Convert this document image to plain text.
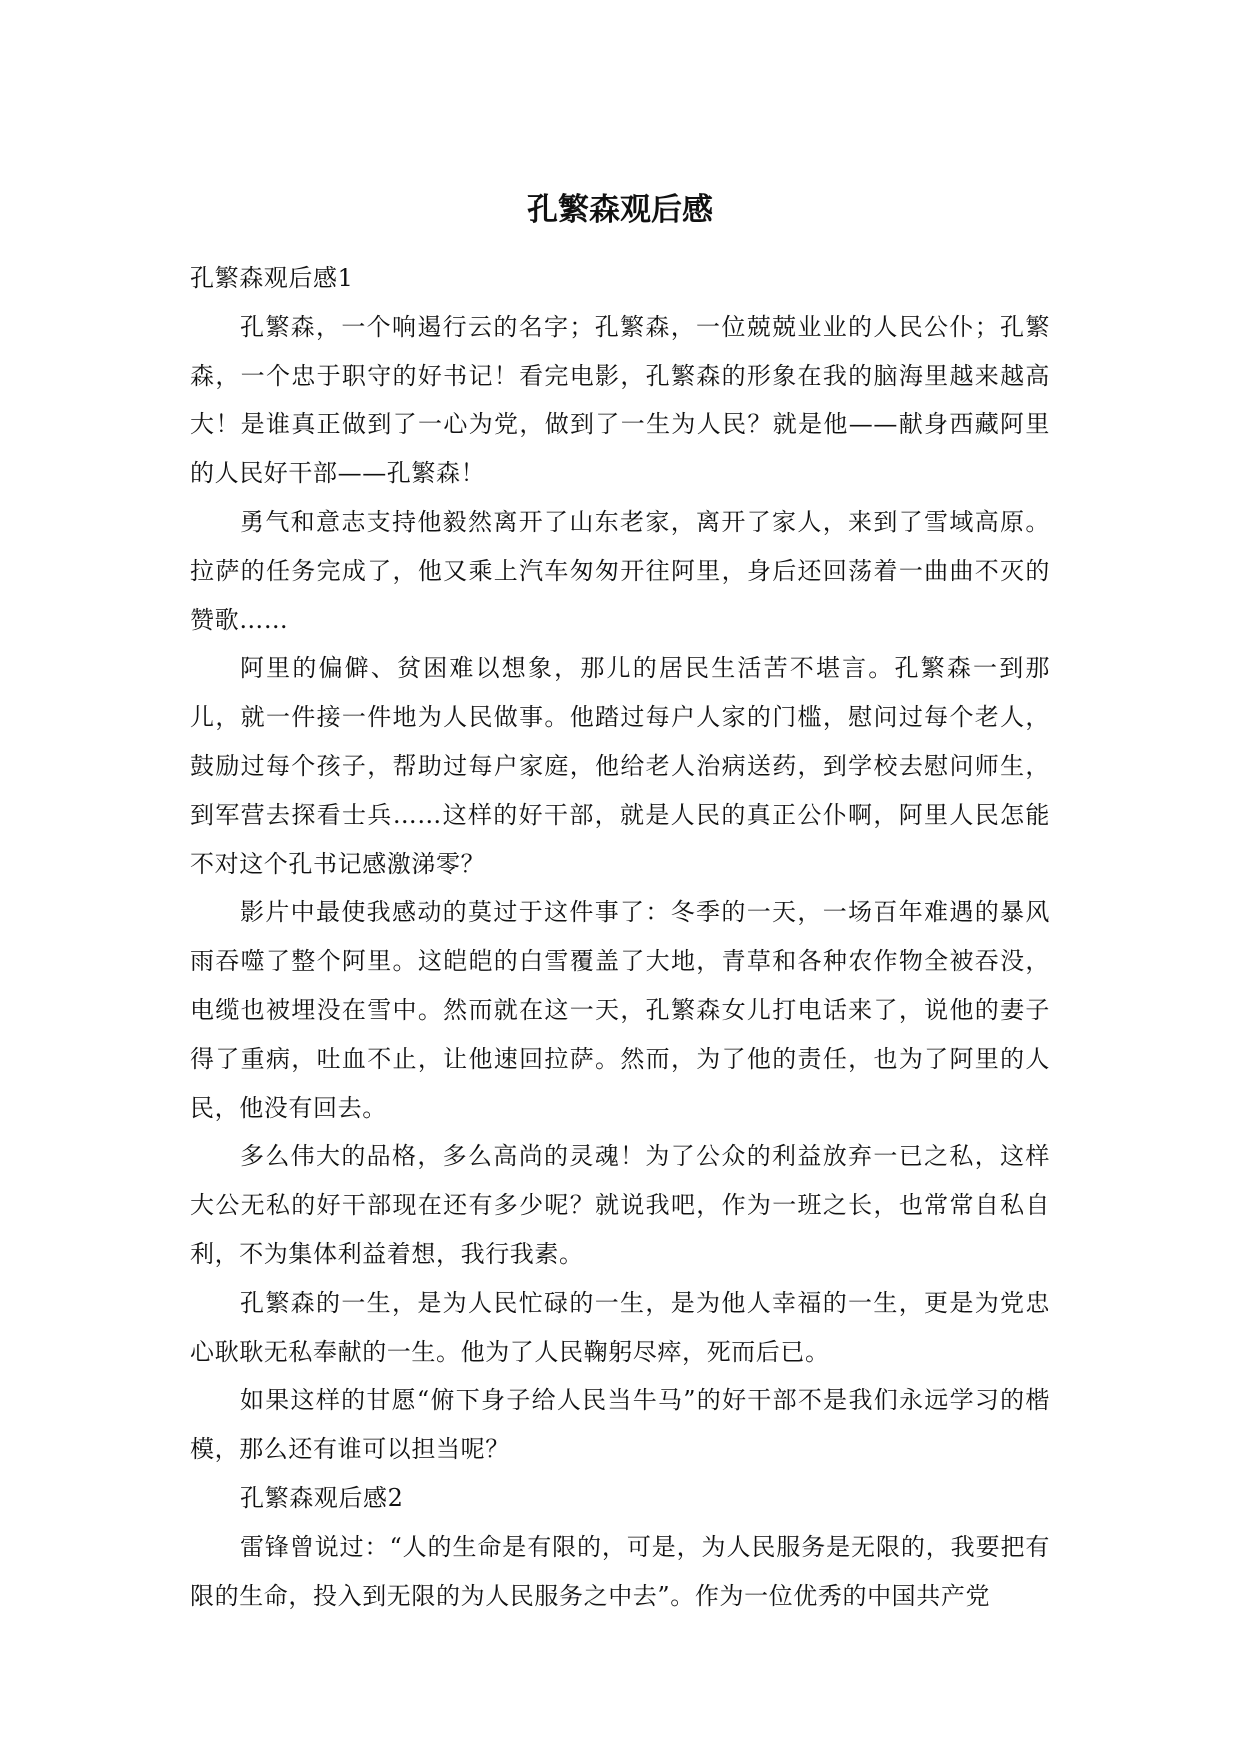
孔繁森观后感

孔繁森观后感1

孔繁森，一个响遏行云的名字；孔繁森，一位兢兢业业的人民公仆；孔繁森，一个忠于职守的好书记！看完电影，孔繁森的形象在我的脑海里越来越高大！是谁真正做到了一心为党，做到了一生为人民？就是他——献身西藏阿里的人民好干部——孔繁森！

勇气和意志支持他毅然离开了山东老家，离开了家人，来到了雪域高原。拉萨的任务完成了，他又乘上汽车匆匆开往阿里，身后还回荡着一曲曲不灭的赞歌……

阿里的偏僻、贫困难以想象，那儿的居民生活苦不堪言。孔繁森一到那儿，就一件接一件地为人民做事。他踏过每户人家的门槛，慰问过每个老人，鼓励过每个孩子，帮助过每户家庭，他给老人治病送药，到学校去慰问师生，到军营去探看士兵……这样的好干部，就是人民的真正公仆啊，阿里人民怎能不对这个孔书记感激涕零？

影片中最使我感动的莫过于这件事了：冬季的一天，一场百年难遇的暴风雨吞噬了整个阿里。这皑皑的白雪覆盖了大地，青草和各种农作物全被吞没，电缆也被埋没在雪中。然而就在这一天，孔繁森女儿打电话来了，说他的妻子得了重病，吐血不止，让他速回拉萨。然而，为了他的责任，也为了阿里的人民，他没有回去。

多么伟大的品格，多么高尚的灵魂！为了公众的利益放弃一已之私，这样大公无私的好干部现在还有多少呢？就说我吧，作为一班之长，也常常自私自利，不为集体利益着想，我行我素。

孔繁森的一生，是为人民忙碌的一生，是为他人幸福的一生，更是为党忠心耿耿无私奉献的一生。他为了人民鞠躬尽瘁，死而后已。

如果这样的甘愿“俯下身子给人民当牛马”的好干部不是我们永远学习的楷模，那么还有谁可以担当呢？

孔繁森观后感2

雷锋曾说过：“人的生命是有限的，可是，为人民服务是无限的，我要把有限的生命，投入到无限的为人民服务之中去”。作为一位优秀的中国共产党
